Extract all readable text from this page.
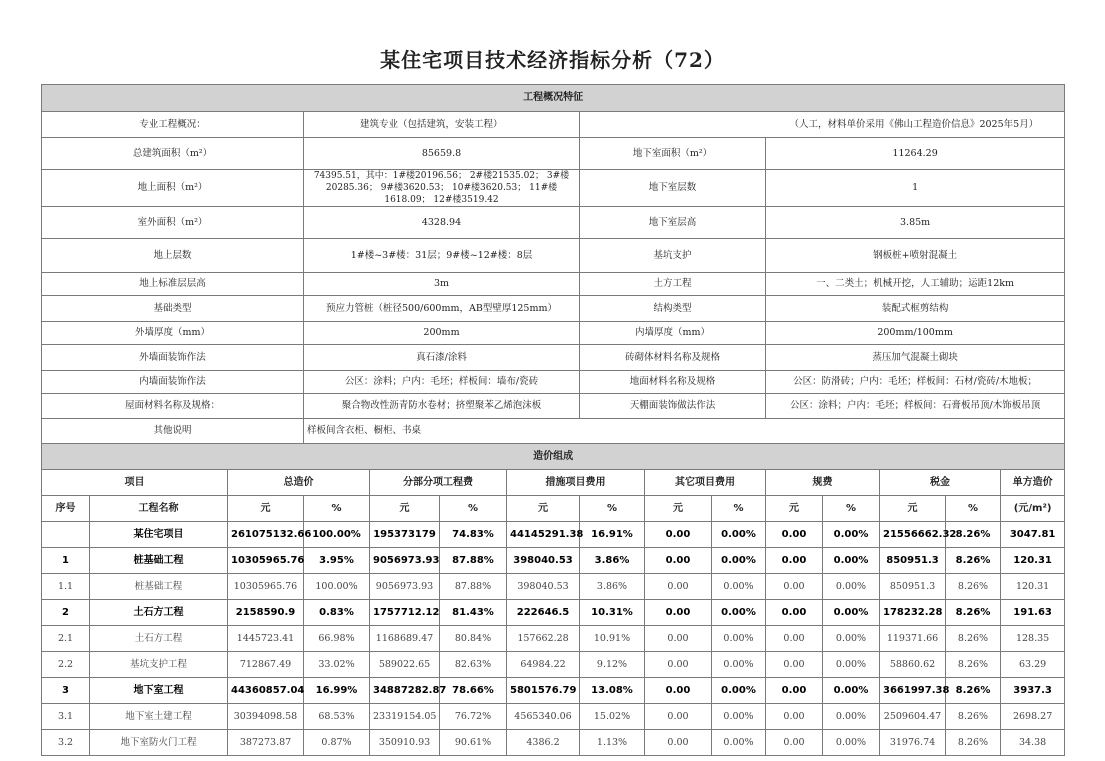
某住宅项目技术经济指标分析（72）
工程概况特征														
专业工程概况：			建筑专业（包括建筑，安装工程）				（人工，材料单价采用《佛山工程造价信息》2025年5月）							
总建筑面积（m²）			85659.8				地下室面积（m²）			11264.29				
地上面积（m²）			74395.51，其中：1#楼20196.56； 2#楼21535.02； 3#楼20285.36； 9#楼3620.53； 10#楼3620.53； 11#楼1618.09； 12#楼3519.42				地下室层数			1				
室外面积（m²）			4328.94				地下室层高			3.85m				
地上层数			1#楼~3#楼：31层；9#楼~12#楼：8层				基坑支护			钢板桩+喷射混凝土				
地上标准层层高			3m				土方工程			一、二类土；机械开挖，人工辅助；运距12km				
基础类型			预应力管桩（桩径500/600mm，AB型壁厚125mm）				结构类型			装配式框剪结构				
外墙厚度（mm）			200mm				内墙厚度（mm）			200mm/100mm				
外墙面装饰作法			真石漆/涂料				砖砌体材料名称及规格			蒸压加气混凝土砌块				
内墙面装饰作法			公区：涂料；户内：毛坯；样板间：墙布/瓷砖				地面材料名称及规格			公区：防滑砖；户内：毛坯；样板间：石材/瓷砖/木地板；				
屋面材料名称及规格：			聚合物改性沥青防水卷材；挤塑聚苯乙烯泡沫板				天棚面装饰做法作法			公区：涂料；户内：毛坯；样板间：石膏板吊顶/木饰板吊顶				
其他说明			样板间含衣柜、橱柜、书桌											
造价组成														
项目		总造价		分部分项工程费		措施项目费用		其它项目费用		规费		税金		单方造价
序号	工程名称	元	%	元	%	元	%	元	%	元	%	元	%	(元/m²)
	某住宅项目	261075132.66	100.00%	195373179	74.83%	44145291.38	16.91%	0.00	0.00%	0.00	0.00%	21556662.32	8.26%	3047.81
1	桩基础工程	10305965.76	3.95%	9056973.93	87.88%	398040.53	3.86%	0.00	0.00%	0.00	0.00%	850951.3	8.26%	120.31
1.1	桩基础工程	10305965.76	100.00%	9056973.93	87.88%	398040.53	3.86%	0.00	0.00%	0.00	0.00%	850951.3	8.26%	120.31
2	土石方工程	2158590.9	0.83%	1757712.12	81.43%	222646.5	10.31%	0.00	0.00%	0.00	0.00%	178232.28	8.26%	191.63
2.1	土石方工程	1445723.41	66.98%	1168689.47	80.84%	157662.28	10.91%	0.00	0.00%	0.00	0.00%	119371.66	8.26%	128.35
2.2	基坑支护工程	712867.49	33.02%	589022.65	82.63%	64984.22	9.12%	0.00	0.00%	0.00	0.00%	58860.62	8.26%	63.29
3	地下室工程	44360857.04	16.99%	34887282.87	78.66%	5801576.79	13.08%	0.00	0.00%	0.00	0.00%	3661997.38	8.26%	3937.3
3.1	地下室土建工程	30394098.58	68.53%	23319154.05	76.72%	4565340.06	15.02%	0.00	0.00%	0.00	0.00%	2509604.47	8.26%	2698.27
3.2	地下室防火门工程	387273.87	0.87%	350910.93	90.61%	4386.2	1.13%	0.00	0.00%	0.00	0.00%	31976.74	8.26%	34.38
